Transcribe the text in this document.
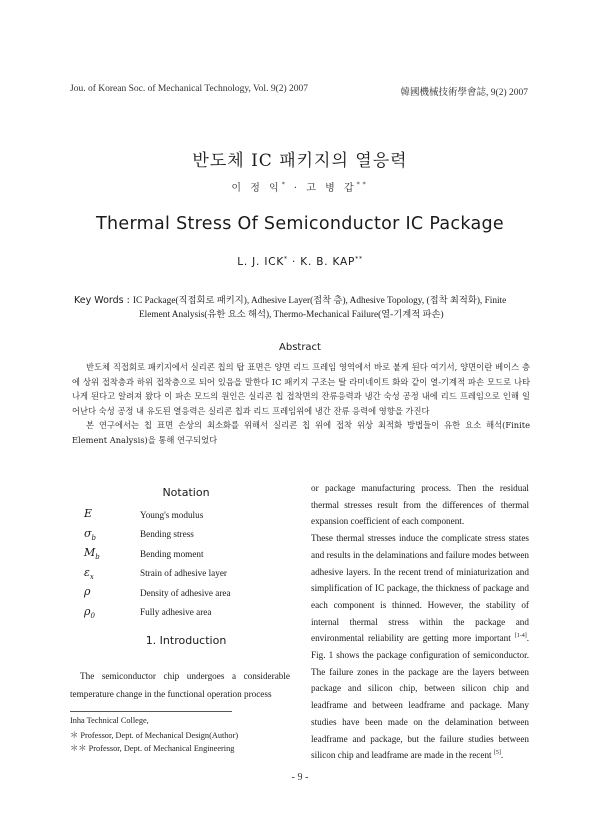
Jou. of Korean Soc. of Mechanical Technology, Vol. 9(2) 2007	韓國機械技術學會誌, 9(2) 2007
반도체 IC 패키지의 열응력
이 정 익* · 고 병 갑**
Thermal Stress Of Semiconductor IC Package
L. J. ICK* · K. B. KAP**
Key Words : IC Package(직접회로 패키지), Adhesive Layer(접착 층), Adhesive Topology, (접착 최적화), Finite
Element Analysis(유한 요소 해석), Thermo-Mechanical Failure(열-기계적 파손)
Abstract

반도체 직접회로 패키지에서 실리콘 칩의 탑 표면은 양면 리드 프레임 영역에서 바로 붙게 된다 여기서, 양면이란 베이스 층에 상위 접착층과 하위 접착층으로 되어 있음을 말한다 IC 패키지 구조는 탈 라미네이트 화와 같이 열-기계적 파손 모드로 나타나게 된다고 알려져 왔다 이 파손 모드의 원인은 실리콘 칩 접착면의 잔류응력과 냉간 숙성 공정 내에 리드 프레임으로 인해 일어난다 숙성 공정 내 유도된 열응력은 실리콘 칩과 리드 프레임위에 냉간 잔류 응력에 영향을 가진다

본 연구에서는 칩 표면 손상의 최소화를 위해서 실리콘 칩 위에 접착 위상 최적화 방법들이 유한 요소 해석(Finite Element Analysis)을 통해 연구되었다

Notation
E	Young's modulus
$\sigma_b$	Bending stress
$M_b$	Bending moment
$\varepsilon_x$	Strain of adhesive layer
ρ	Density of adhesive area
$\rho_0$	Fully adhesive area
1. Introduction

The semiconductor chip undergoes a considerable temperature change in the functional operation process

Inha Technical College,
＊ Professor, Dept. of Mechanical Design(Author)
＊＊ Professor, Dept. of Mechanical Engineering

or package manufacturing process. Then the residual thermal stresses result from the differences of thermal expansion coefficient of each component.

These thermal stresses induce the complicate stress states and results in the delaminations and failure modes between adhesive layers. In the recent trend of miniaturization and simplification of IC package, the thickness of package and each component is thinned. However, the stability of internal thermal stress within the package and environmental reliability are getting more important [1-4]. Fig. 1 shows the package configuration of semiconductor. The failure zones in the package are the layers between package and silicon chip, between silicon chip and leadframe and between leadframe and package. Many studies have been made on the delamination between leadframe and package, but the failure studies between silicon chip and leadframe are made in the recent [5].

- 9 -
